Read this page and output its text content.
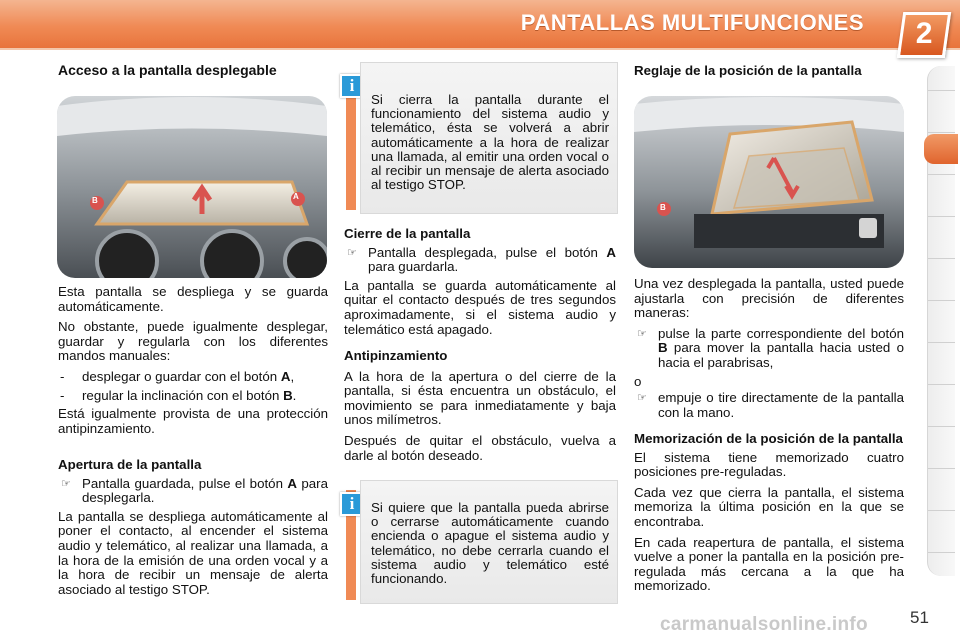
PANTALLAS MULTIFUNCIONES	2
Acceso a la pantalla desplegable
B	A

Esta pantalla se despliega y se guarda automáticamente.

No obstante, puede igualmente desplegar, guardar y regularla con los diferentes mandos manuales:

- desplegar o guardar con el botón A,
- regular la inclinación con el botón B.

Está igualmente provista de una protección antipinzamiento.

Apertura de la pantalla

☞ Pantalla guardada, pulse el botón A para desplegarla.

La pantalla se despliega automáticamente al poner el contacto, al encender el sistema audio y telemático, al realizar una llamada, a la hora de la emisión de una orden vocal y a la hora de recibir un mensaje de alerta asociado al testigo STOP.

i
Si cierra la pantalla durante el funcionamiento del sistema audio y telemático, ésta se volverá a abrir automáticamente a la hora de realizar una llamada, al emitir una orden vocal o al recibir un mensaje de alerta asociado al testigo STOP.

Cierre de la pantalla

☞ Pantalla desplegada, pulse el botón A para guardarla.

La pantalla se guarda automáticamente al quitar el contacto después de tres segundos aproximadamente, si el sistema audio y telemático está apagado.

Antipinzamiento

A la hora de la apertura o del cierre de la pantalla, si ésta encuentra un obstáculo, el movimiento se para inmediatamente y baja unos milímetros.

Después de quitar el obstáculo, vuelva a darle al botón deseado.

i	Si quiere que la pantalla pueda abrirse o cerrarse automáticamente cuando encienda o apague el sistema audio y telemático, no debe cerrarla cuando el sistema audio y telemático esté funcionando.
Reglaje de la posición de la pantalla
B

Una vez desplegada la pantalla, usted puede ajustarla con precisión de diferentes maneras:

☞ pulse la parte correspondiente del botón B para mover la pantalla hacia usted o hacia el parabrisas,

o

☞ empuje o tire directamente de la pantalla con la mano.

Memorización de la posición de la pantalla

El sistema tiene memorizado cuatro posiciones pre-reguladas.

Cada vez que cierra la pantalla, el sistema memoriza la última posición en la que se encontraba.

En cada reapertura de pantalla, el sistema vuelve a poner la pantalla en la posición pre-regulada más cercana a la que ha memorizado.

carmanualsonline.info 51
